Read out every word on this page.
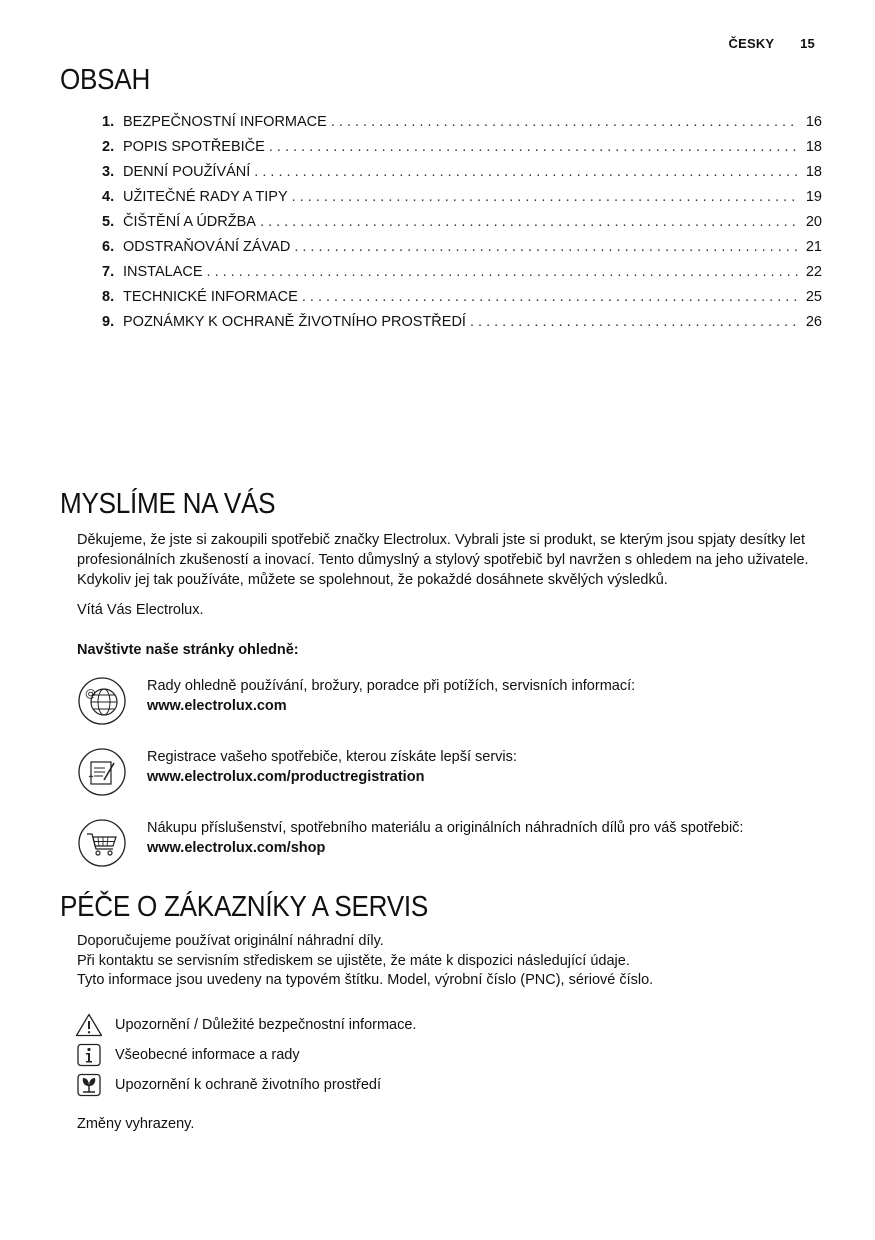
ČESKY 15
OBSAH
1. BEZPEČNOSTNÍ INFORMACE . . .	16
2. POPIS SPOTŘEBIČE . . .	18
3. DENNÍ POUŽÍVÁNÍ . . .	18
4. UŽITEČNÉ RADY A TIPY . . .	19
5. ČIŠTĚNÍ A ÚDRŽBA . . .	20
6. ODSTRAŇOVÁNÍ ZÁVAD . . .	21
7. INSTALACE . . .	22
8. TECHNICKÉ INFORMACE . . .	25
9. POZNÁMKY K OCHRANĚ ŽIVOTNÍHO PROSTŘEDÍ . . .	26
MYSLÍME NA VÁS

Děkujeme, že jste si zakoupili spotřebič značky Electrolux. Vybrali jste si produkt, se kterým jsou spjaty desítky let profesionálních zkušeností a inovací. Tento důmyslný a stylový spotřebič byl navržen s ohledem na jeho uživatele. Kdykoliv jej tak používáte, můžete se spolehnout, že pokaždé dosáhnete skvělých výsledků.

Vítá Vás Electrolux.

Navštivte naše stránky ohledně:

@	Rady ohledně používání, brožury, poradce při potížích, servisních informací:
www.electrolux.com
Registrace vašeho spotřebiče, kterou získáte lepší servis:
www.electrolux.com/productregistration
Nákupu příslušenství, spotřebního materiálu a originálních náhradních dílů pro váš spotřebič:
www.electrolux.com/shop
PÉČE O ZÁKAZNÍKY A SERVIS

Doporučujeme používat originální náhradní díly.

Při kontaktu se servisním střediskem se ujistěte, že máte k dispozici následující údaje.

Tyto informace jsou uvedeny na typovém štítku. Model, výrobní číslo (PNC), sériové číslo.

Upozornění / Důležité bezpečnostní informace.
Všeobecné informace a rady
Upozornění k ochraně životního prostředí

Změny vyhrazeny.
